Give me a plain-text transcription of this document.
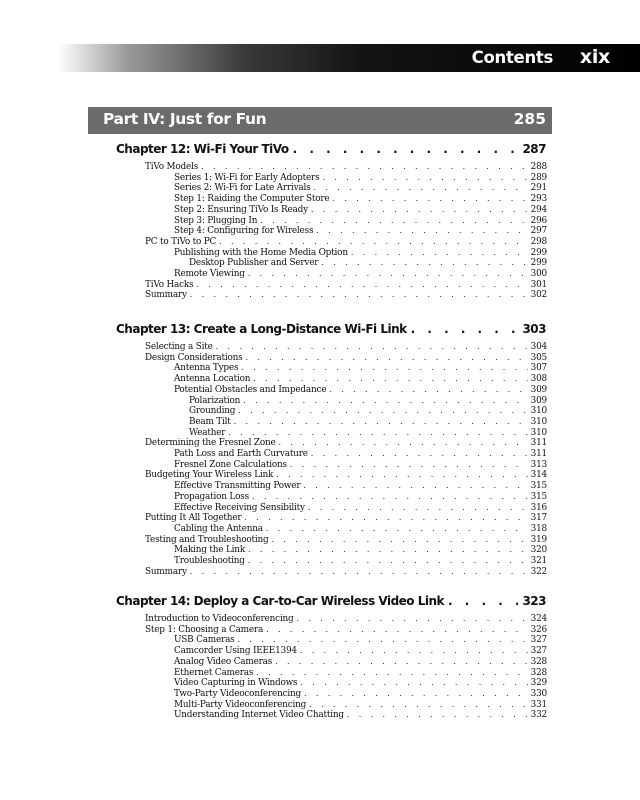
Contents xix
Part IV: Just for Fun	285
Chapter 12: Wi-Fi Your TiVo . . .	287
TiVo Models . . .	288
Series 1: Wi-Fi for Early Adopters . . .	289
Series 2: Wi-Fi for Late Arrivals . . .	291
Step 1: Raiding the Computer Store . . .	293
Step 2: Ensuring TiVo Is Ready . . .	294
Step 3: Plugging In . . .	296
Step 4: Configuring for Wireless . . .	297
PC to TiVo to PC . . .	298
Publishing with the Home Media Option . . .	299
Desktop Publisher and Server . . .	299
Remote Viewing . . .	300
TiVo Hacks . . .	301
Summary . . .	302
Chapter 13: Create a Long-Distance Wi-Fi Link . . .	303
Selecting a Site . . .	304
Design Considerations . . .	305
Antenna Types . . .	307
Antenna Location . . .	308
Potential Obstacles and Impedance . . .	309
Polarization . . .	309
Grounding . . .	310
Beam Tilt . . .	310
Weather . . .	310
Determining the Fresnel Zone . . .	311
Path Loss and Earth Curvature . . .	311
Fresnel Zone Calculations . . .	313
Budgeting Your Wireless Link . . .	314
Effective Transmitting Power . . .	315
Propagation Loss . . .	315
Effective Receiving Sensibility . . .	316
Putting It All Together . . .	317
Cabling the Antenna . . .	318
Testing and Troubleshooting . . .	319
Making the Link . . .	320
Troubleshooting . . .	321
Summary . . .	322
Chapter 14: Deploy a Car-to-Car Wireless Video Link . . .	323
Introduction to Videoconferencing . . .	324
Step 1: Choosing a Camera . . .	326
USB Cameras . . .	327
Camcorder Using IEEE1394 . . .	327
Analog Video Cameras . . .	328
Ethernet Cameras . . .	328
Video Capturing in Windows . . .	329
Two-Party Videoconferencing . . .	330
Multi-Party Videoconferencing . . .	331
Understanding Internet Video Chatting . . .	332
